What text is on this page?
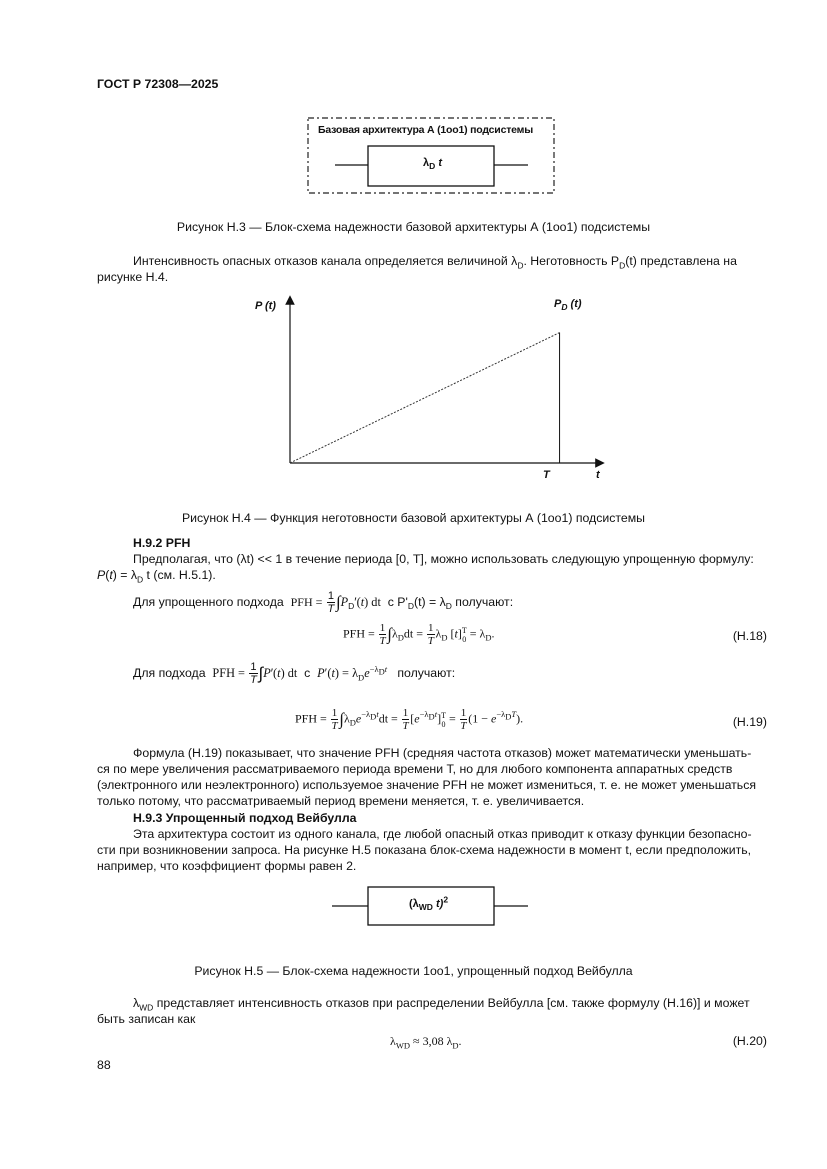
ГОСТ Р 72308—2025
Базовая архитектура А (1oo1) подсистемы
$\lambda_D$ t
Рисунок Н.3 — Блок-схема надежности базовой архитектуры А (1oo1) подсистемы
Интенсивность опасных отказов канала определяется величиной $\lambda_D$. Неготовность $P_D(t)$ представлена на
рисунке Н.4.
P (t)	$P_D$ (t)
T	t
Рисунок Н.4 — Функция неготовности базовой архитектуры А (1oo1) подсистемы
Н.9.2 PFH
Предполагая, что (λt) << 1 в течение периода [0, T], можно использовать следующую упрощенную формулу:
$P(t) = \lambda_D$ t (см. Н.5.1).
Для упрощенного подхода PFH = $\frac{1}{T} \int P_D'(t)$ dt с $P'_D(t) = \lambda_D$ получают:
PFH = $\frac{1}{T} \int\lambda_Ddt = \frac{1}{T} \lambda_D$ [t] T
$0 = \lambda_D$.	(Н.18)
Для подхода PFH = $\frac{1}{T} \int P'(t)$ dt с $P'(t) = \lambda_De^{-\lambda_Dt}$ получают:
PFH = $\frac{1}{T} \int\lambda_De^{-\lambda_Dt}dt = \frac{1}{T} [e^{-\lambda_Dt}]$ T
$0 = \frac{1}{T} (1 - e^{-\lambda_DT})$.	(Н.19)
Формула (Н.19) показывает, что значение PFH (средняя частота отказов) может математически уменьшать-
ся по мере увеличения рассматриваемого периода времени T, но для любого компонента аппаратных средств
(электронного или неэлектронного) используемое значение PFH не может измениться, т. е. не может уменьшаться
только потому, что рассматриваемый период времени меняется, т. е. увеличивается.
Н.9.3 Упрощенный подход Вейбулла
Эта архитектура состоит из одного канала, где любой опасный отказ приводит к отказу функции безопасно-
сти при возникновении запроса. На рисунке Н.5 показана блок-схема надежности в момент t, если предположить,
например, что коэффициент формы равен 2.
($\lambda_{WD}$ t)$^2$
Рисунок Н.5 — Блок-схема надежности 1oo1, упрощенный подход Вейбулла
$\lambda_{WD}$ представляет интенсивность отказов при распределении Вейбулла [см. также формулу (Н.16)] и может
быть записан как
$\lambda_{WD} \approx 3,08$ $\lambda_D$.	(Н.20)
88
